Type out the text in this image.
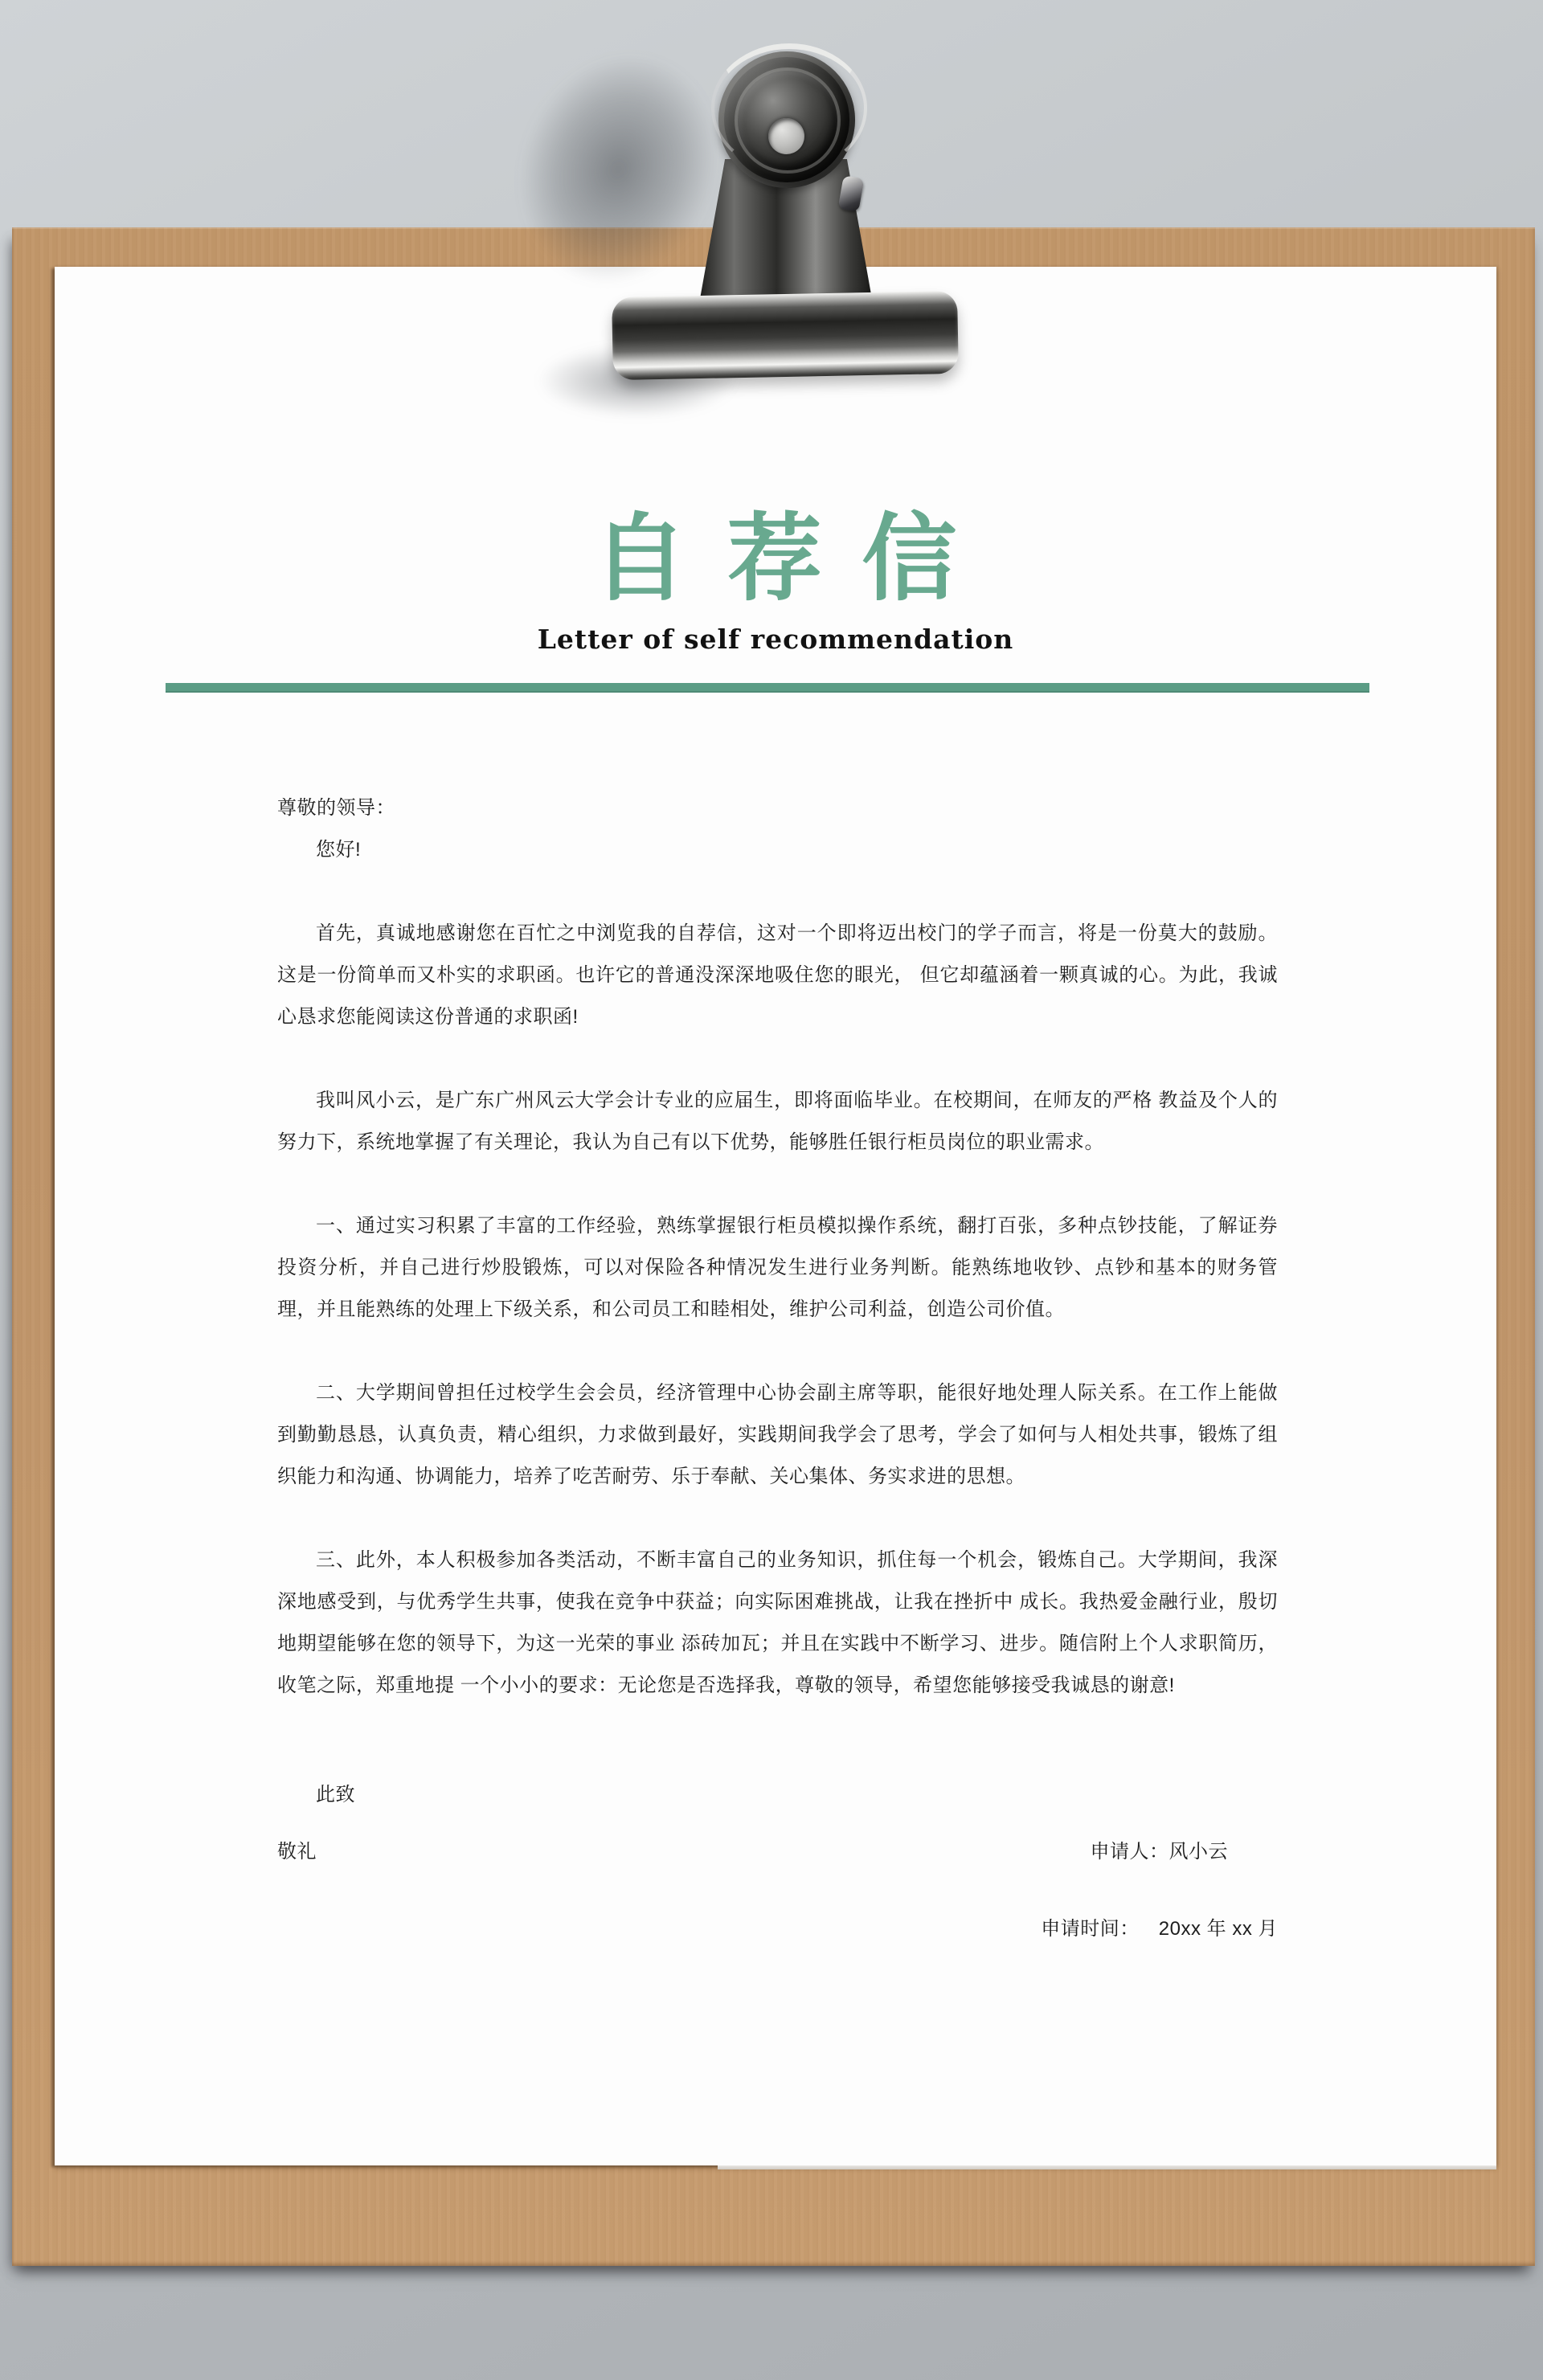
自荐信
Letter of self recommendation

尊敬的领导：

您好!

首先，真诚地感谢您在百忙之中浏览我的自荐信，这对一个即将迈出校门的学子而言，将是一份莫大的鼓励。这是一份简单而又朴实的求职函。也许它的普通没深深地吸住您的眼光， 但它却蕴涵着一颗真诚的心。为此，我诚心恳求您能阅读这份普通的求职函!

我叫风小云，是广东广州风云大学会计专业的应届生，即将面临毕业。在校期间，在师友的严格 教益及个人的努力下，系统地掌握了有关理论，我认为自己有以下优势，能够胜任银行柜员岗位的职业需求。

一、通过实习积累了丰富的工作经验，熟练掌握银行柜员模拟操作系统，翻打百张，多种点钞技能，了解证券投资分析，并自己进行炒股锻炼，可以对保险各种情况发生进行业务判断。能熟练地收钞、点钞和基本的财务管理，并且能熟练的处理上下级关系，和公司员工和睦相处，维护公司利益，创造公司价值。

二、大学期间曾担任过校学生会会员，经济管理中心协会副主席等职，能很好地处理人际关系。在工作上能做到勤勤恳恳，认真负责，精心组织，力求做到最好，实践期间我学会了思考，学会了如何与人相处共事，锻炼了组织能力和沟通、协调能力，培养了吃苦耐劳、乐于奉献、关心集体、务实求进的思想。

三、此外，本人积极参加各类活动，不断丰富自己的业务知识，抓住每一个机会，锻炼自己。大学期间，我深深地感受到，与优秀学生共事，使我在竞争中获益；向实际困难挑战，让我在挫折中 成长。我热爱金融行业，殷切地期望能够在您的领导下，为这一光荣的事业 添砖加瓦；并且在实践中不断学习、进步。随信附上个人求职简历，收笔之际，郑重地提 一个小小的要求：无论您是否选择我，尊敬的领导，希望您能够接受我诚恳的谢意!

此致

敬礼	申请人：风小云
申请时间： 20xx 年 xx 月
